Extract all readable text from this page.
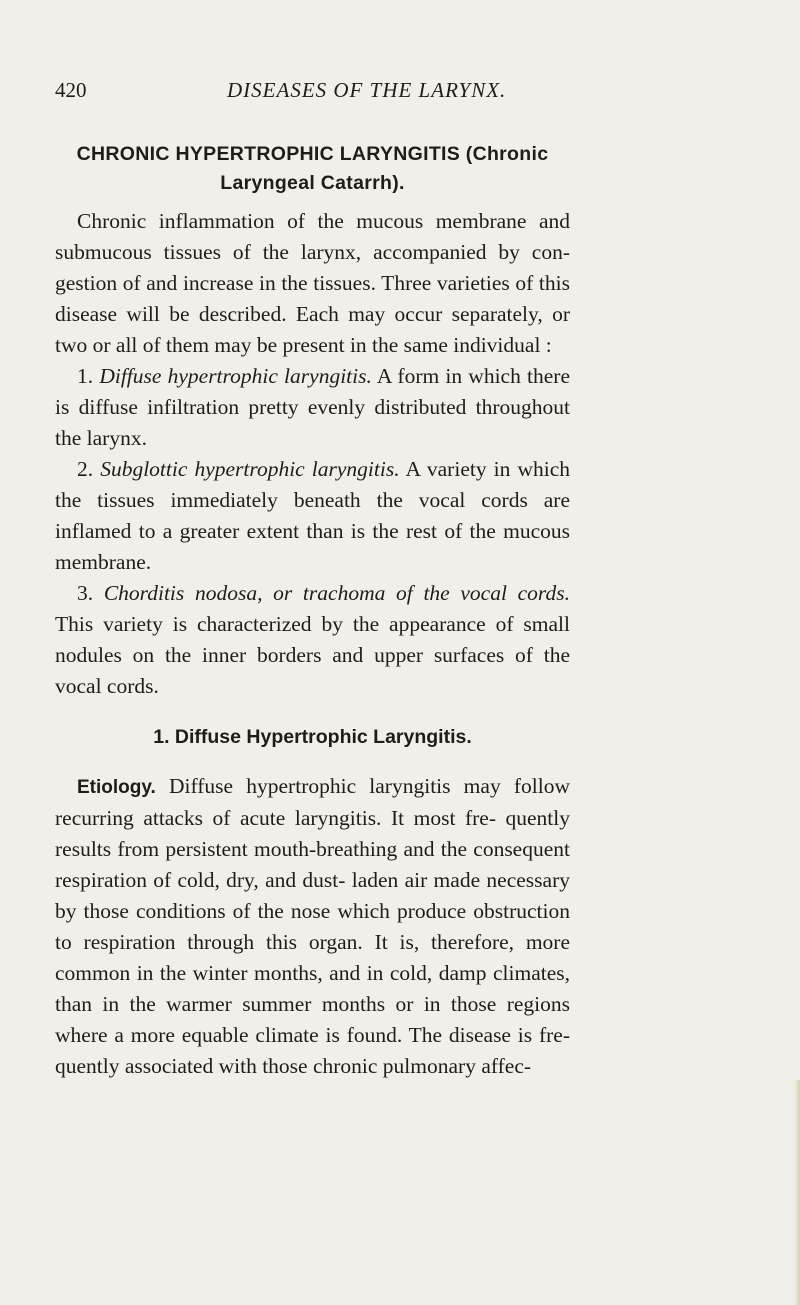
420	DISEASES OF THE LARYNX.
CHRONIC HYPERTROPHIC LARYNGITIS (Chronic
Laryngeal Catarrh).

Chronic inflammation of the mucous membrane and submucous tissues of the larynx, accompanied by con- gestion of and increase in the tissues. Three varieties of this disease will be described. Each may occur separately, or two or all of them may be present in the same individual :

1. Diffuse hypertrophic laryngitis. A form in which there is diffuse infiltration pretty evenly distributed throughout the larynx.

2. Subglottic hypertrophic laryngitis. A variety in which the tissues immediately beneath the vocal cords are inflamed to a greater extent than is the rest of the mucous membrane.

3. Chorditis nodosa, or trachoma of the vocal cords. This variety is characterized by the appearance of small nodules on the inner borders and upper surfaces of the vocal cords.

1. Diffuse Hypertrophic Laryngitis.

Etiology. Diffuse hypertrophic laryngitis may follow recurring attacks of acute laryngitis. It most fre- quently results from persistent mouth-breathing and the consequent respiration of cold, dry, and dust- laden air made necessary by those conditions of the nose which produce obstruction to respiration through this organ. It is, therefore, more common in the winter months, and in cold, damp climates, than in the warmer summer months or in those regions where a more equable climate is found. The disease is fre- quently associated with those chronic pulmonary affec-
